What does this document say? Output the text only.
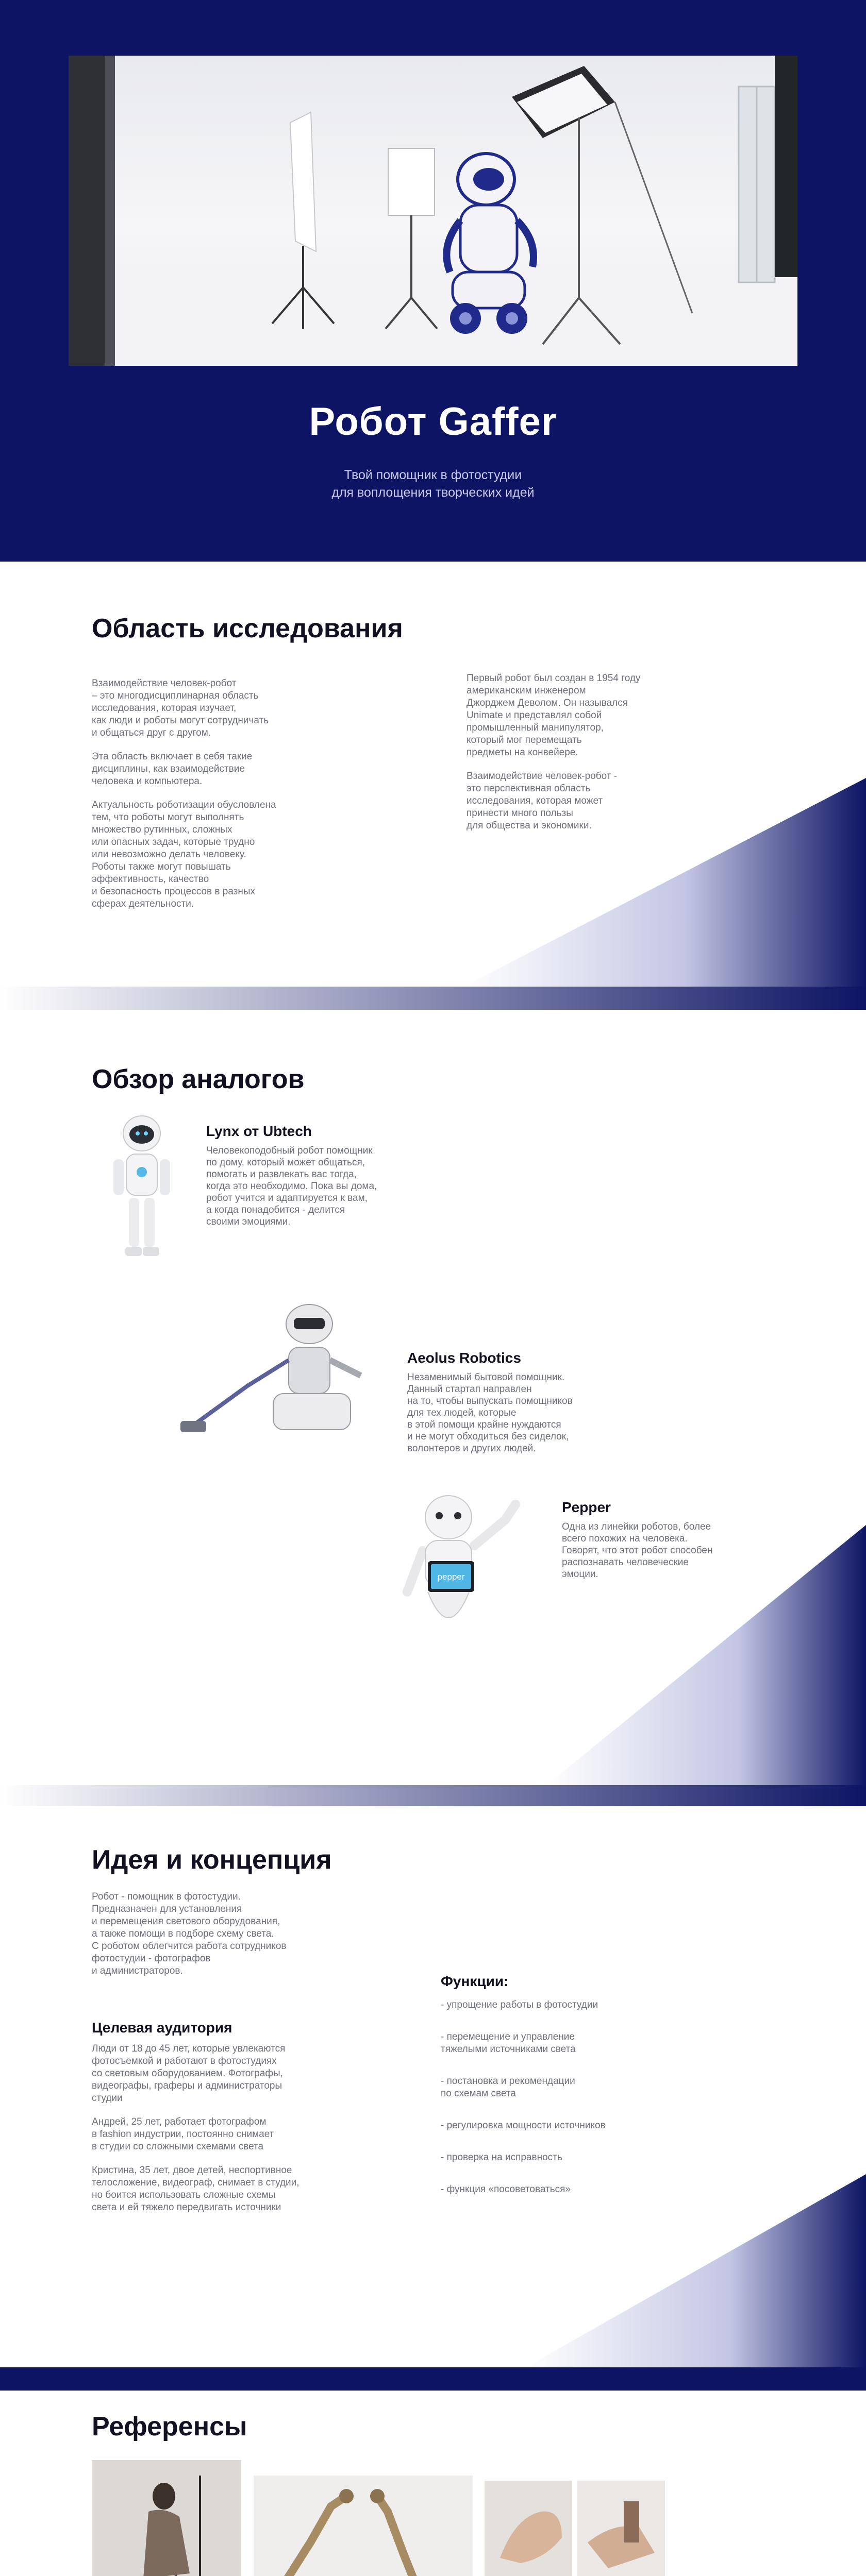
Робот Gaffer
Твой помощник в фотостудии
для воплощения творческих идей
Область исследования

Взаимодействие человек-робот
– это многодисциплинарная область
исследования, которая изучает,
как люди и роботы могут сотрудничать
и общаться друг с другом.

Эта область включает в себя такие
дисциплины, как взаимодействие
человека и компьютера.

Актуальность роботизации обусловлена
тем, что роботы могут выполнять
множество рутинных, сложных
или опасных задач, которые трудно
или невозможно делать человеку.
Роботы также могут повышать
эффективность, качество
и безопасность процессов в разных
сферах деятельности.

Первый робот был создан в 1954 году
американским инженером
Джорджем Деволом. Он назывался
Unimate и представлял собой
промышленный манипулятор,
который мог перемещать
предметы на конвейере.

Взаимодействие человек-робот -
это перспективная область
исследования, которая может
принести много пользы
для общества и экономики.

Обзор аналогов
Lynx от Ubtech
Человекоподобный робот помощник
по дому, который может общаться,
помогать и развлекать вас тогда,
когда это необходимо. Пока вы дома,
робот учится и адаптируется к вам,
а когда понадобится - делится
своими эмоциями.
Aeolus Robotics
Незаменимый бытовой помощник.
Данный стартап направлен
на то, чтобы выпускать помощников
для тех людей, которые
в этой помощи крайне нуждаются
и не могут обходиться без сиделок,
волонтеров и других людей.
pepper
Pepper
Одна из линейки роботов, более
всего похожих на человека.
Говорят, что этот робот способен
распознавать человеческие
эмоции.
Идея и концепция
Робот - помощник в фотостудии.
Предназначен для установления
и перемещения светового оборудования,
а также помощи в подборе схему света.
С роботом облегчится работа сотрудников
фотостудии - фотографов
и администраторов.
Целевая аудитория

Люди от 18 до 45 лет, которые увлекаются
фотосъемкой и работают в фотостудиях
со световым оборудованием. Фотографы,
видеографы, граферы и администраторы
студии

Андрей, 25 лет, работает фотографом
в fashion индустрии, постоянно снимает
в студии со сложными схемами света

Кристина, 35 лет, двое детей, неспортивное
телосложение, видеограф, снимает в студии,
но боится использовать сложные схемы
света и ей тяжело передвигать источники

Функции:
- упрощение работы в фотостудии
- перемещение и управление
тяжелыми источниками света
- постановка и рекомендации
по схемам света
- регулировка мощности источников
- проверка на исправность
- функция «посоветоваться»
Референсы
